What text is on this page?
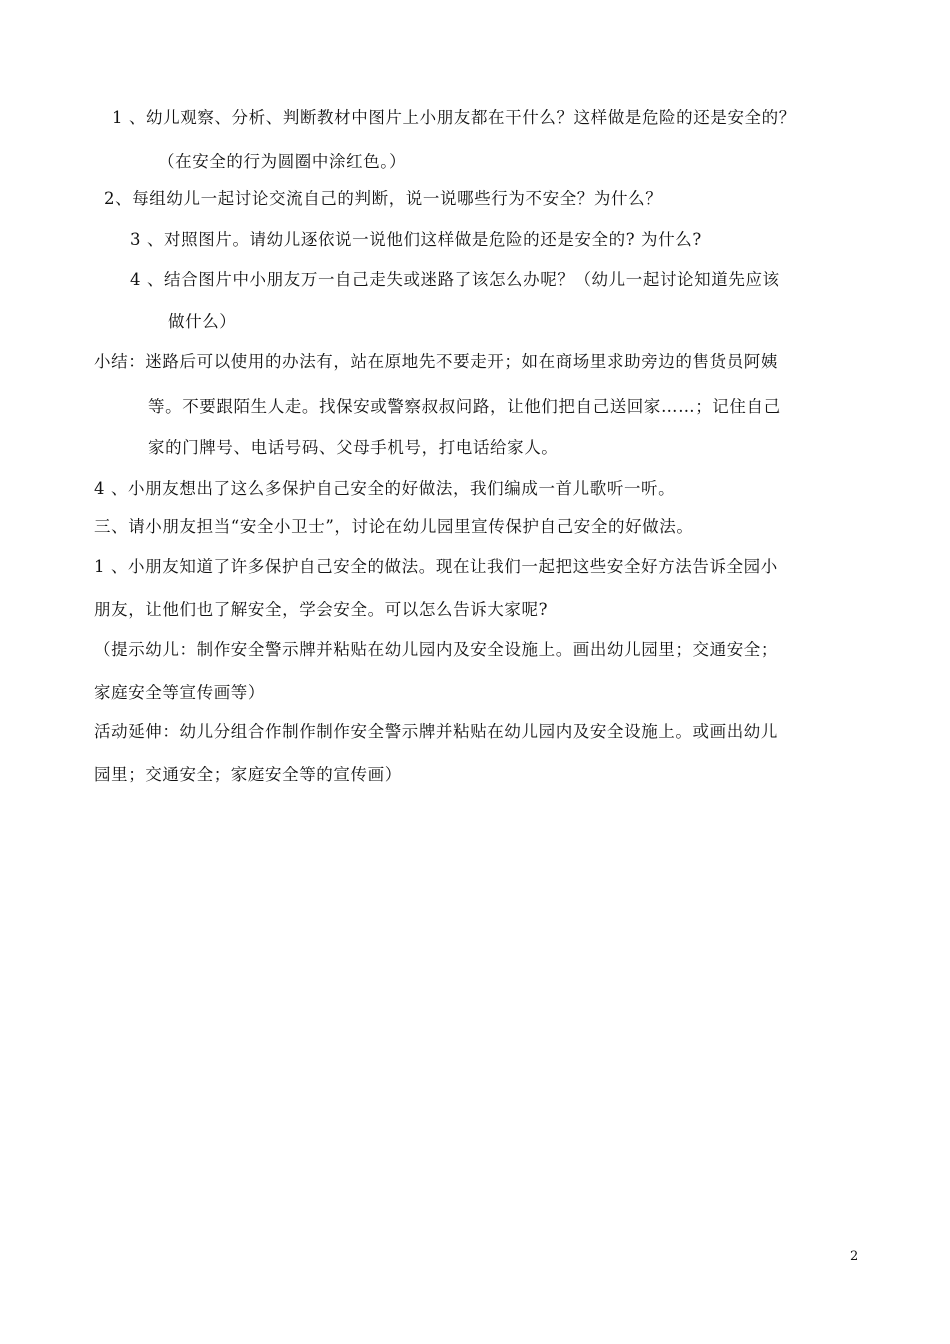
1 、幼儿观察、分析、判断教材中图片上小朋友都在干什么？这样做是危险的还是安全的？
（在安全的行为圆圈中涂红色。）
2、每组幼儿一起讨论交流自己的判断，说一说哪些行为不安全？为什么？
3 、对照图片。请幼儿逐依说一说他们这样做是危险的还是安全的? 为什么?
4 、结合图片中小朋友万一自己走失或迷路了该怎么办呢？（幼儿一起讨论知道先应该
做什么）
小结：迷路后可以使用的办法有，站在原地先不要走开；如在商场里求助旁边的售货员阿姨
等。不要跟陌生人走。找保安或警察叔叔问路，让他们把自己送回家……；记住自己
家的门牌号、电话号码、父母手机号，打电话给家人。
4 、小朋友想出了这么多保护自己安全的好做法，我们编成一首儿歌听一听。
三、请小朋友担当“安全小卫士”，讨论在幼儿园里宣传保护自己安全的好做法。
1 、小朋友知道了许多保护自己安全的做法。现在让我们一起把这些安全好方法告诉全园小
朋友，让他们也了解安全，学会安全。可以怎么告诉大家呢?
（提示幼儿：制作安全警示牌并粘贴在幼儿园内及安全设施上。画出幼儿园里；交通安全；
家庭安全等宣传画等）
活动延伸：幼儿分组合作制作制作安全警示牌并粘贴在幼儿园内及安全设施上。或画出幼儿
园里；交通安全；家庭安全等的宣传画）
2
